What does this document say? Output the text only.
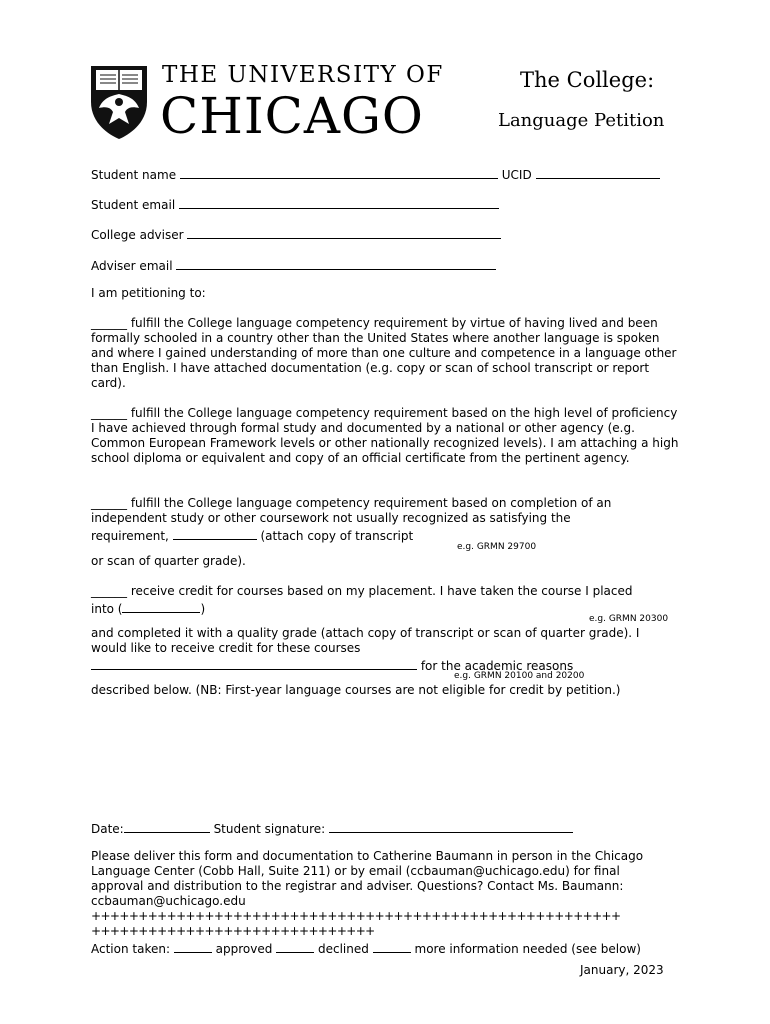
THE UNIVERSITY OF
CHICAGO
The College:
Language Petition
Student name	UCID
Student email
College adviser
Adviser email
I am petitioning to:
______ fulfill the College language competency requirement by virtue of having lived and been formally schooled in a country other than the United States where another language is spoken and where I gained understanding of more than one culture and competence in a language other than English. I have attached documentation (e.g. copy or scan of school transcript or report card).
______ fulfill the College language competency requirement based on the high level of proficiency I have achieved through formal study and documented by a national or other agency (e.g. Common European Framework levels or other nationally recognized levels). I am attaching a high school diploma or equivalent and copy of an official certificate from the pertinent agency.
______ fulfill the College language competency requirement based on completion of an
independent study or other coursework not usually recognized as satisfying the
requirement,	(attach copy of transcript
e.g. GRMN 29700
or scan of quarter grade).
______ receive credit for courses based on my placement. I have taken the course I placed
into (	)
e.g. GRMN 20300
and completed it with a quality grade (attach copy of transcript or scan of quarter grade). I
would like to receive credit for these courses
for the academic reasons
e.g. GRMN 20100 and 20200
described below. (NB: First-year language courses are not eligible for credit by petition.)
Date:	Student signature:
Please deliver this form and documentation to Catherine Baumann in person in the Chicago
Language Center (Cobb Hall, Suite 211) or by email (ccbauman@uchicago.edu) for final
approval and distribution to the registrar and adviser. Questions? Contact Ms. Baumann:
ccbauman@uchicago.edu
++++++++++++++++++++++++++++++++++++++++++++++++++++++++
++++++++++++++++++++++++++++++
Action taken:	approved	declined	more information needed (see below)
January, 2023
